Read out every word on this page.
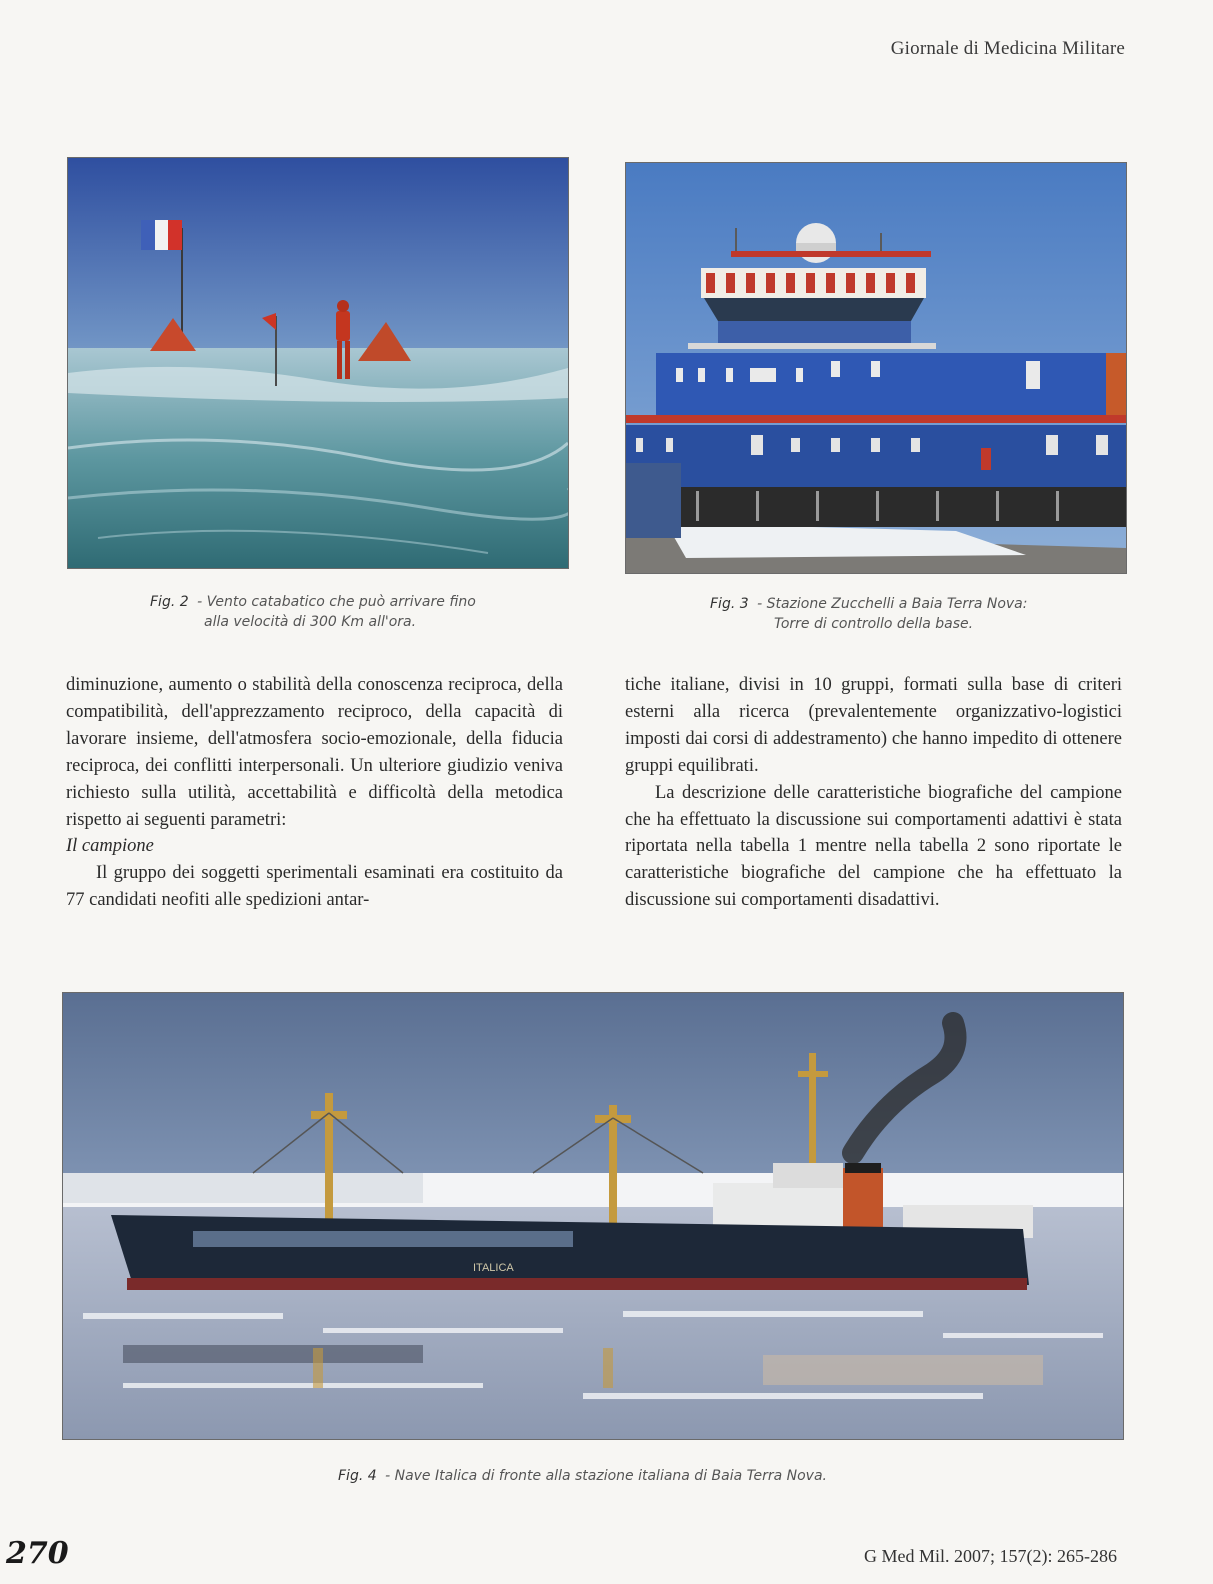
Giornale di Medicina Militare
Fig. 2 - Vento catabatico che può arrivare fino
alla velocità di 300 Km all'ora.
Fig. 3 - Stazione Zucchelli a Baia Terra Nova:
Torre di controllo della base.

diminuzione, aumento o stabilità della conoscenza reciproca, della compatibilità, dell'apprezzamento reciproco, della capacità di lavorare insieme, dell'atmosfera socio-emozionale, della fiducia reciproca, dei conflitti interpersonali. Un ulteriore giudizio veniva richiesto sulla utilità, accettabilità e difficoltà della metodica rispetto ai seguenti parametri:

Il campione

Il gruppo dei soggetti sperimentali esaminati era costituito da 77 candidati neofiti alle spedizioni antar-

tiche italiane, divisi in 10 gruppi, formati sulla base di criteri esterni alla ricerca (prevalentemente organizzativo-logistici imposti dai corsi di addestramento) che hanno impedito di ottenere gruppi equilibrati.

La descrizione delle caratteristiche biografiche del campione che ha effettuato la discussione sui comportamenti adattivi è stata riportata nella tabella 1 mentre nella tabella 2 sono riportate le caratteristiche biografiche del campione che ha effettuato la discussione sui comportamenti disadattivi.

ITALICA
Fig. 4 - Nave Italica di fronte alla stazione italiana di Baia Terra Nova.
270	G Med Mil. 2007; 157(2): 265-286
